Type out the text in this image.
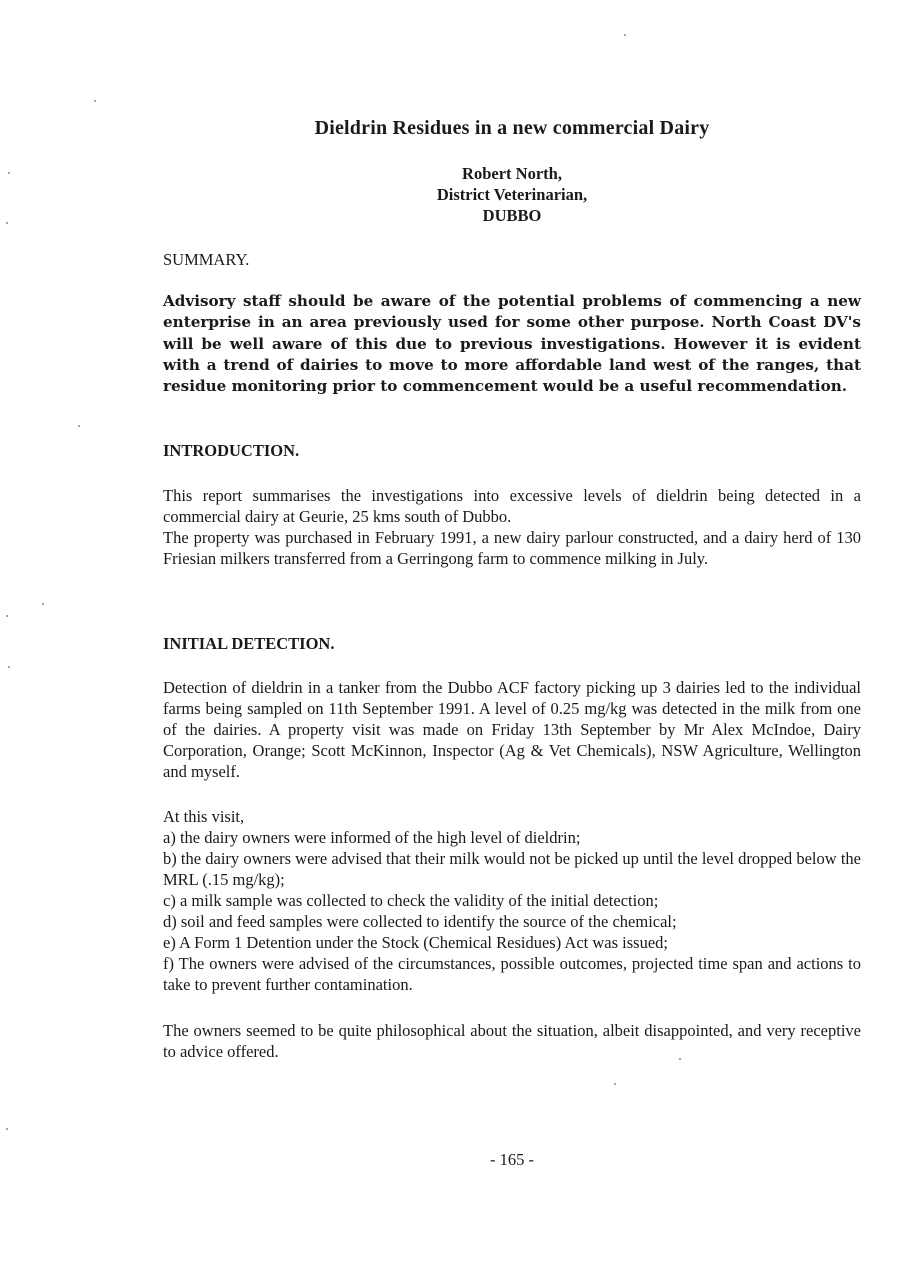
Dieldrin Residues in a new commercial Dairy
Robert North,
District Veterinarian,
DUBBO
SUMMARY.

Advisory staff should be aware of the potential problems of commencing a new enterprise in an area previously used for some other purpose. North Coast DV's will be well aware of this due to previous investigations. However it is evident with a trend of dairies to move to more affordable land west of the ranges, that residue monitoring prior to commencement would be a useful recommendation.

INTRODUCTION.

This report summarises the investigations into excessive levels of dieldrin being detected in a commercial dairy at Geurie, 25 kms south of Dubbo.

The property was purchased in February 1991, a new dairy parlour constructed, and a dairy herd of 130 Friesian milkers transferred from a Gerringong farm to commence milking in July.

INITIAL DETECTION.

Detection of dieldrin in a tanker from the Dubbo ACF factory picking up 3 dairies led to the individual farms being sampled on 11th September 1991. A level of 0.25 mg/kg was detected in the milk from one of the dairies. A property visit was made on Friday 13th September by Mr Alex McIndoe, Dairy Corporation, Orange; Scott McKinnon, Inspector (Ag & Vet Chemicals), NSW Agriculture, Wellington and myself.

At this visit,

a) the dairy owners were informed of the high level of dieldrin;

b) the dairy owners were advised that their milk would not be picked up until the level dropped below the MRL (.15 mg/kg);

c) a milk sample was collected to check the validity of the initial detection;

d) soil and feed samples were collected to identify the source of the chemical;

e) A Form 1 Detention under the Stock (Chemical Residues) Act was issued;

f) The owners were advised of the circumstances, possible outcomes, projected time span and actions to take to prevent further contamination.

The owners seemed to be quite philosophical about the situation, albeit disappointed, and very receptive to advice offered.

- 165 -
